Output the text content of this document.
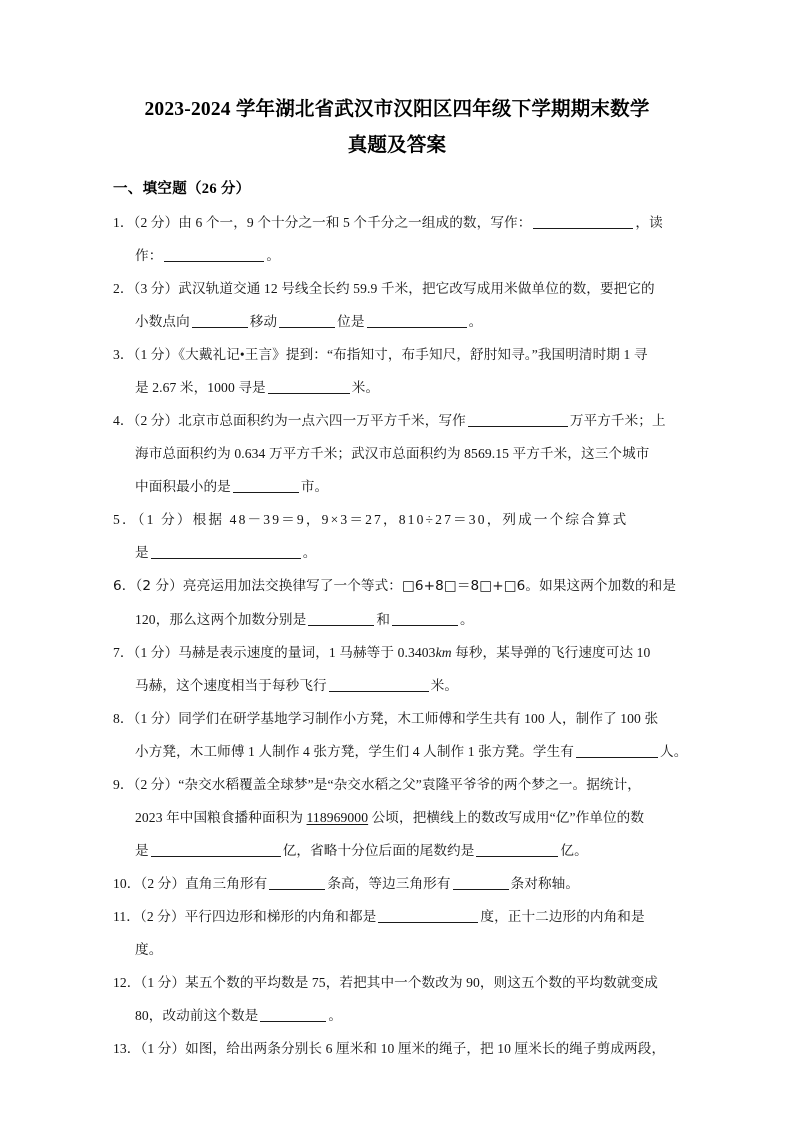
2023-2024 学年湖北省武汉市汉阳区四年级下学期期末数学
真题及答案
一、填空题（26 分）
1．（2 分）由 6 个一，9 个十分之一和 5 个千分之一组成的数，写作：	，读
作：	。
2．（3 分）武汉轨道交通 12 号线全长约 59.9 千米，把它改写成用米做单位的数，要把它的
小数点向	移动	位是	。
3．（1 分）《大戴礼记•王言》提到：“布指知寸，布手知尺，舒肘知寻。”我国明清时期 1 寻
是 2.67 米，1000 寻是	米。
4．（2 分）北京市总面积约为一点六四一万平方千米，写作	万平方千米；上
海市总面积约为 0.634 万平方千米；武汉市总面积约为 8569.15 平方千米，这三个城市
中面积最小的是	市。
5．（1 分）根据 48－39＝9，9×3＝27，810÷27＝30，列成一个综合算式
是	。
6．（2 分）亮亮运用加法交换律写了一个等式：□6+8□＝8□+□6。如果这两个加数的和是
120，那么这两个加数分别是	和	。
7．（1 分）马赫是表示速度的量词，1 马赫等于 0.3403km 每秒，某导弹的飞行速度可达 10
马赫，这个速度相当于每秒飞行	米。
8．（1 分）同学们在研学基地学习制作小方凳，木工师傅和学生共有 100 人，制作了 100 张
小方凳，木工师傅 1 人制作 4 张方凳，学生们 4 人制作 1 张方凳。学生有	人。
9．（2 分）“杂交水稻覆盖全球梦”是“杂交水稻之父”袁隆平爷爷的两个梦之一。据统计，
2023 年中国粮食播种面积为 118969000 公顷，把横线上的数改写成用“亿”作单位的数
是	亿，省略十分位后面的尾数约是	亿。
10．（2 分）直角三角形有	条高，等边三角形有	条对称轴。
11．（2 分）平行四边形和梯形的内角和都是	度，正十二边形的内角和是
度。
12．（1 分）某五个数的平均数是 75，若把其中一个数改为 90，则这五个数的平均数就变成
80，改动前这个数是	。
13．（1 分）如图，给出两条分别长 6 厘米和 10 厘米的绳子，把 10 厘米长的绳子剪成两段，
